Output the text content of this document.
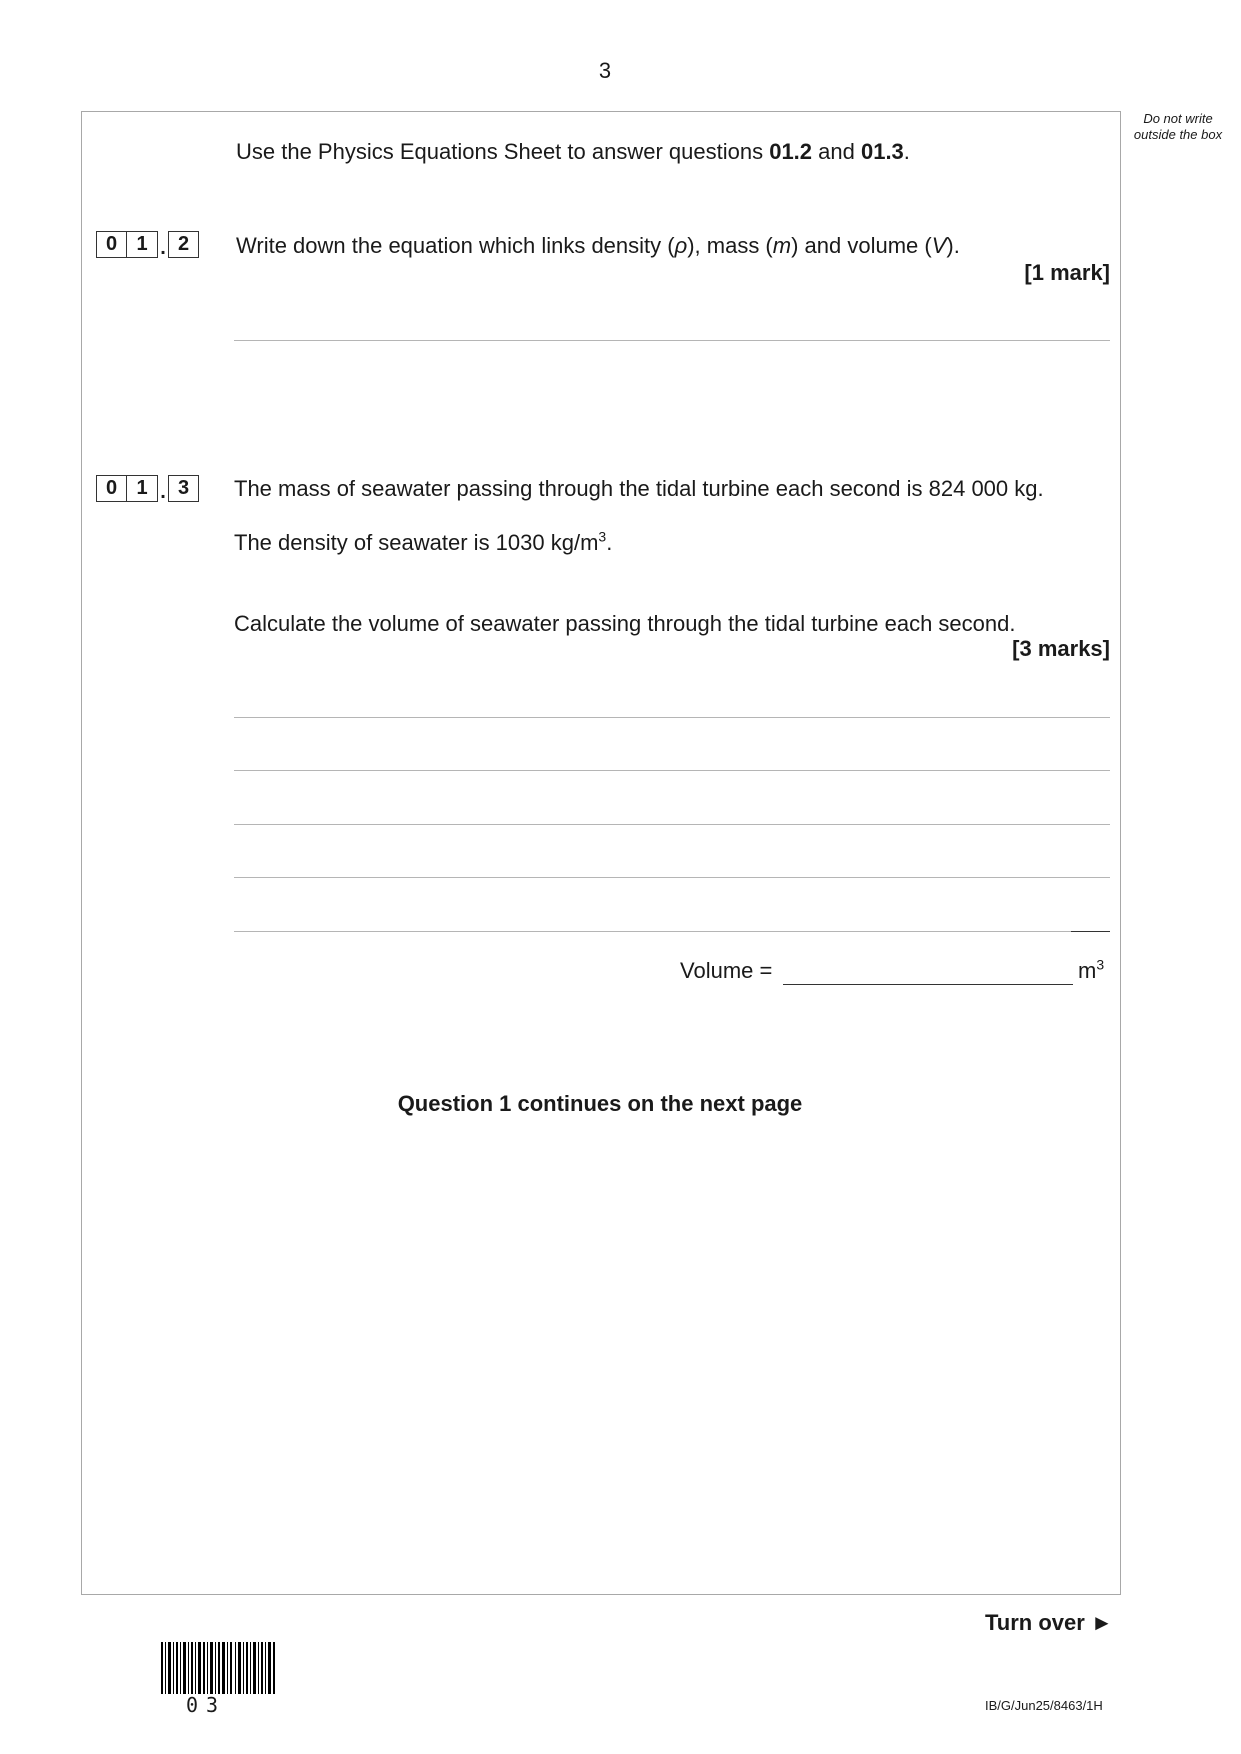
3
Do not write outside the box
Use the Physics Equations Sheet to answer questions 01.2 and 01.3.
0 1 . 2	Write down the equation which links density (ρ), mass (m) and volume (V).
[1 mark]
0 1 . 3	The mass of seawater passing through the tidal turbine each second is 824 000 kg.
The density of seawater is 1030 $kg/m^3$.
Calculate the volume of seawater passing through the tidal turbine each second.
[3 marks]
Volume =	$m^3$
Question 1 continues on the next page
Turn over ►
03	IB/G/Jun25/8463/1H
